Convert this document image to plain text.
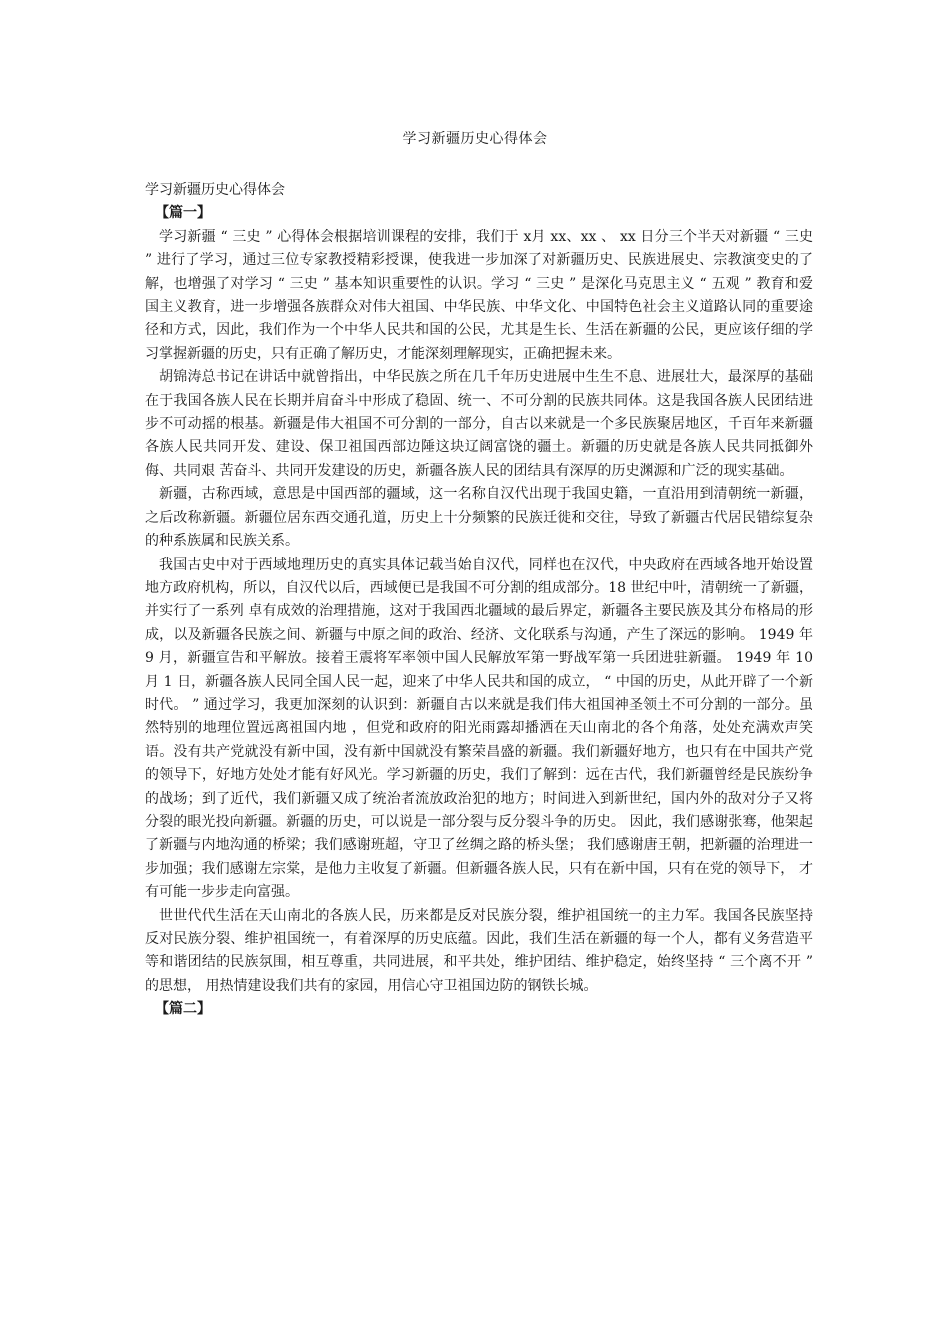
学习新疆历史心得体会

学习新疆历史心得体会

【篇一】

学习新疆 “ 三史 ” 心得体会根据培训课程的安排，我们于 x月 xx、xx 、 xx 日分三个半天对新疆 “ 三史 ” 进行了学习，通过三位专家教授精彩授课，使我进一步加深了对新疆历史、民族进展史、宗教演变史的了解，也增强了对学习 “ 三史 ” 基本知识重要性的认识。学习 “ 三史 ” 是深化马克思主义 “ 五观 ” 教育和爱国主义教育，进一步增强各族群众对伟大祖国、中华民族、中华文化、中国特色社会主义道路认同的重要途径和方式，因此，我们作为一个中华人民共和国的公民，尤其是生长、生活在新疆的公民，更应该仔细的学习掌握新疆的历史，只有正确了解历史，才能深刻理解现实，正确把握未来。

胡锦涛总书记在讲话中就曾指出，中华民族之所在几千年历史进展中生生不息、进展壮大，最深厚的基础在于我国各族人民在长期并肩奋斗中形成了稳固、统一、不可分割的民族共同体。这是我国各族人民团结进步不可动摇的根基。新疆是伟大祖国不可分割的一部分，自古以来就是一个多民族聚居地区，千百年来新疆各族人民共同开发、建设、保卫祖国西部边陲这块辽阔富饶的疆土。新疆的历史就是各族人民共同抵御外侮、共同艰 苦奋斗、共同开发建设的历史，新疆各族人民的团结具有深厚的历史渊源和广泛的现实基础。

新疆，古称西域，意思是中国西部的疆域，这一名称自汉代出现于我国史籍，一直沿用到清朝统一新疆，之后改称新疆。新疆位居东西交通孔道，历史上十分频繁的民族迁徙和交往，导致了新疆古代居民错综复杂的种系族属和民族关系。

我国古史中对于西域地理历史的真实具体记载当始自汉代，同样也在汉代，中央政府在西域各地开始设置地方政府机构，所以，自汉代以后，西域便已是我国不可分割的组成部分。18 世纪中叶，清朝统一了新疆，并实行了一系列 卓有成效的治理措施，这对于我国西北疆域的最后界定，新疆各主要民族及其分布格局的形成，以及新疆各民族之间、新疆与中原之间的政治、经济、文化联系与沟通，产生了深远的影响。 1949 年 9 月，新疆宣告和平解放。接着王震将军率领中国人民解放军第一野战军第一兵团进驻新疆。 1949 年 10 月 1 日，新疆各族人民同全国人民一起，迎来了中华人民共和国的成立， “ 中国的历史，从此开辟了一个新时代。 ” 通过学习，我更加深刻的认识到：新疆自古以来就是我们伟大祖国神圣领土不可分割的一部分。虽然特别的地理位置远离祖国内地 ，但党和政府的阳光雨露却播洒在天山南北的各个角落，处处充满欢声笑语。没有共产党就没有新中国，没有新中国就没有繁荣昌盛的新疆。我们新疆好地方，也只有在中国共产党的领导下，好地方处处才能有好风光。学习新疆的历史，我们了解到：远在古代，我们新疆曾经是民族纷争的战场；到了近代，我们新疆又成了统治者流放政治犯的地方；时间进入到新世纪，国内外的敌对分子又将分裂的眼光投向新疆。新疆的历史，可以说是一部分裂与反分裂斗争的历史。 因此，我们感谢张骞，他架起了新疆与内地沟通的桥梁；我们感谢班超，守卫了丝绸之路的桥头堡； 我们感谢唐王朝，把新疆的治理进一步加强；我们感谢左宗棠，是他力主收复了新疆。但新疆各族人民，只有在新中国，只有在党的领导下， 才有可能一步步走向富强。

世世代代生活在天山南北的各族人民，历来都是反对民族分裂，维护祖国统一的主力军。我国各民族坚持反对民族分裂、维护祖国统一，有着深厚的历史底蕴。因此，我们生活在新疆的每一个人，都有义务营造平等和谐团结的民族氛围，相互尊重，共同进展，和平共处，维护团结、维护稳定，始终坚持 “ 三个离不开 ” 的思想， 用热情建设我们共有的家园，用信心守卫祖国边防的钢铁长城。

【篇二】
